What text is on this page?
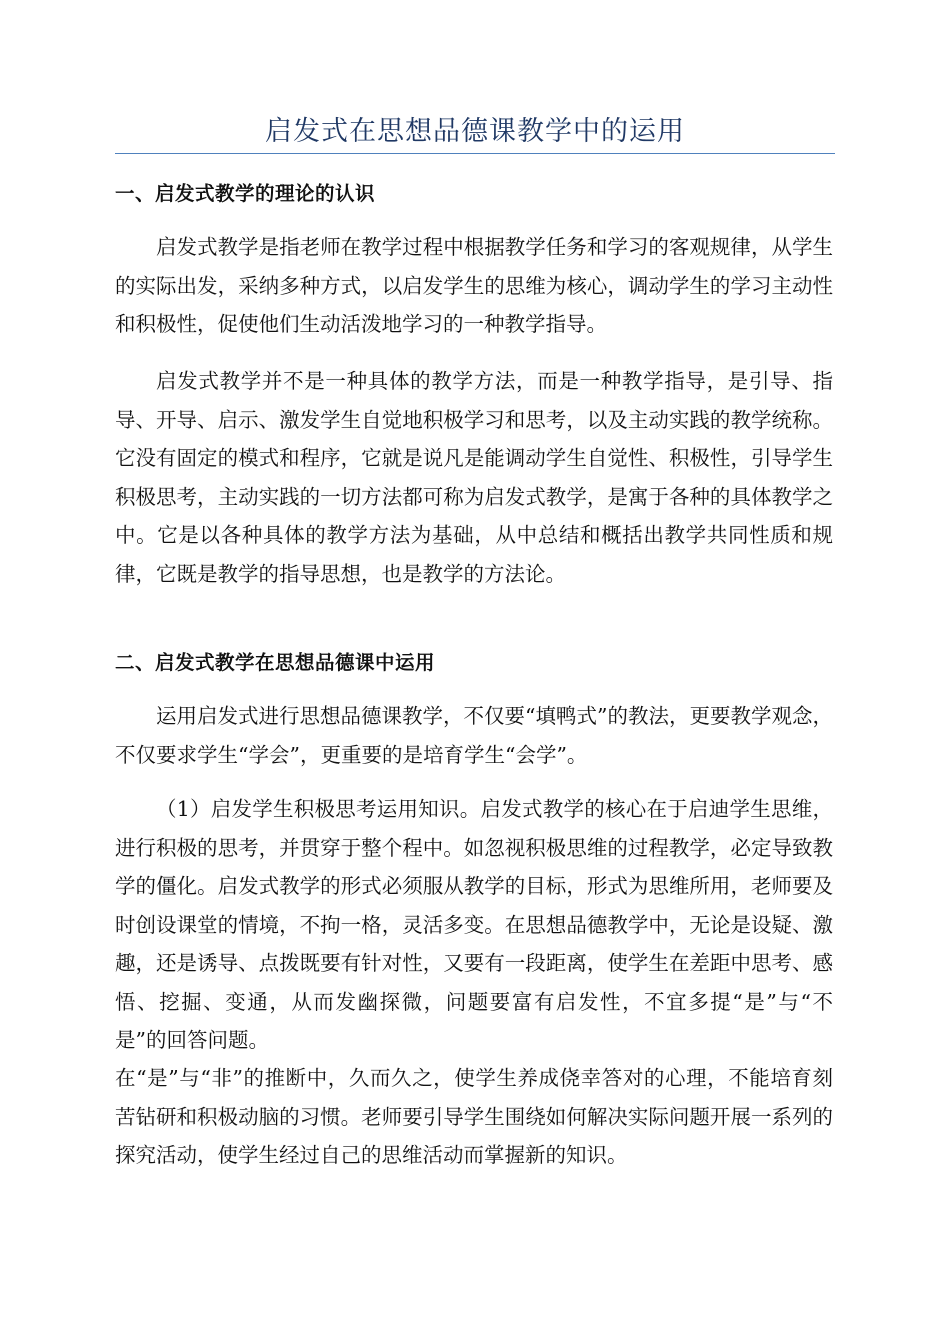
启发式在思想品德课教学中的运用
一、启发式教学的理论的认识

启发式教学是指老师在教学过程中根据教学任务和学习的客观规律，从学生的实际出发，采纳多种方式，以启发学生的思维为核心，调动学生的学习主动性和积极性，促使他们生动活泼地学习的一种教学指导。

启发式教学并不是一种具体的教学方法，而是一种教学指导，是引导、指导、开导、启示、激发学生自觉地积极学习和思考，以及主动实践的教学统称。它没有固定的模式和程序，它就是说凡是能调动学生自觉性、积极性，引导学生积极思考，主动实践的一切方法都可称为启发式教学，是寓于各种的具体教学之中。它是以各种具体的教学方法为基础，从中总结和概括出教学共同性质和规律，它既是教学的指导思想，也是教学的方法论。

二、启发式教学在思想品德课中运用

运用启发式进行思想品德课教学，不仅要“填鸭式”的教法，更要教学观念，不仅要求学生“学会”，更重要的是培育学生“会学”。

（1）启发学生积极思考运用知识。启发式教学的核心在于启迪学生思维，进行积极的思考，并贯穿于整个程中。如忽视积极思维的过程教学，必定导致教学的僵化。启发式教学的形式必须服从教学的目标，形式为思维所用，老师要及时创设课堂的情境，不拘一格，灵活多变。在思想品德教学中，无论是设疑、激趣，还是诱导、点拨既要有针对性，又要有一段距离，使学生在差距中思考、感悟、挖掘、变通，从而发幽探微，问题要富有启发性，不宜多提“是”与“不是”的回答问题。

在“是”与“非”的推断中，久而久之，使学生养成侥幸答对的心理，不能培育刻苦钻研和积极动脑的习惯。老师要引导学生围绕如何解决实际问题开展一系列的探究活动，使学生经过自己的思维活动而掌握新的知识。
